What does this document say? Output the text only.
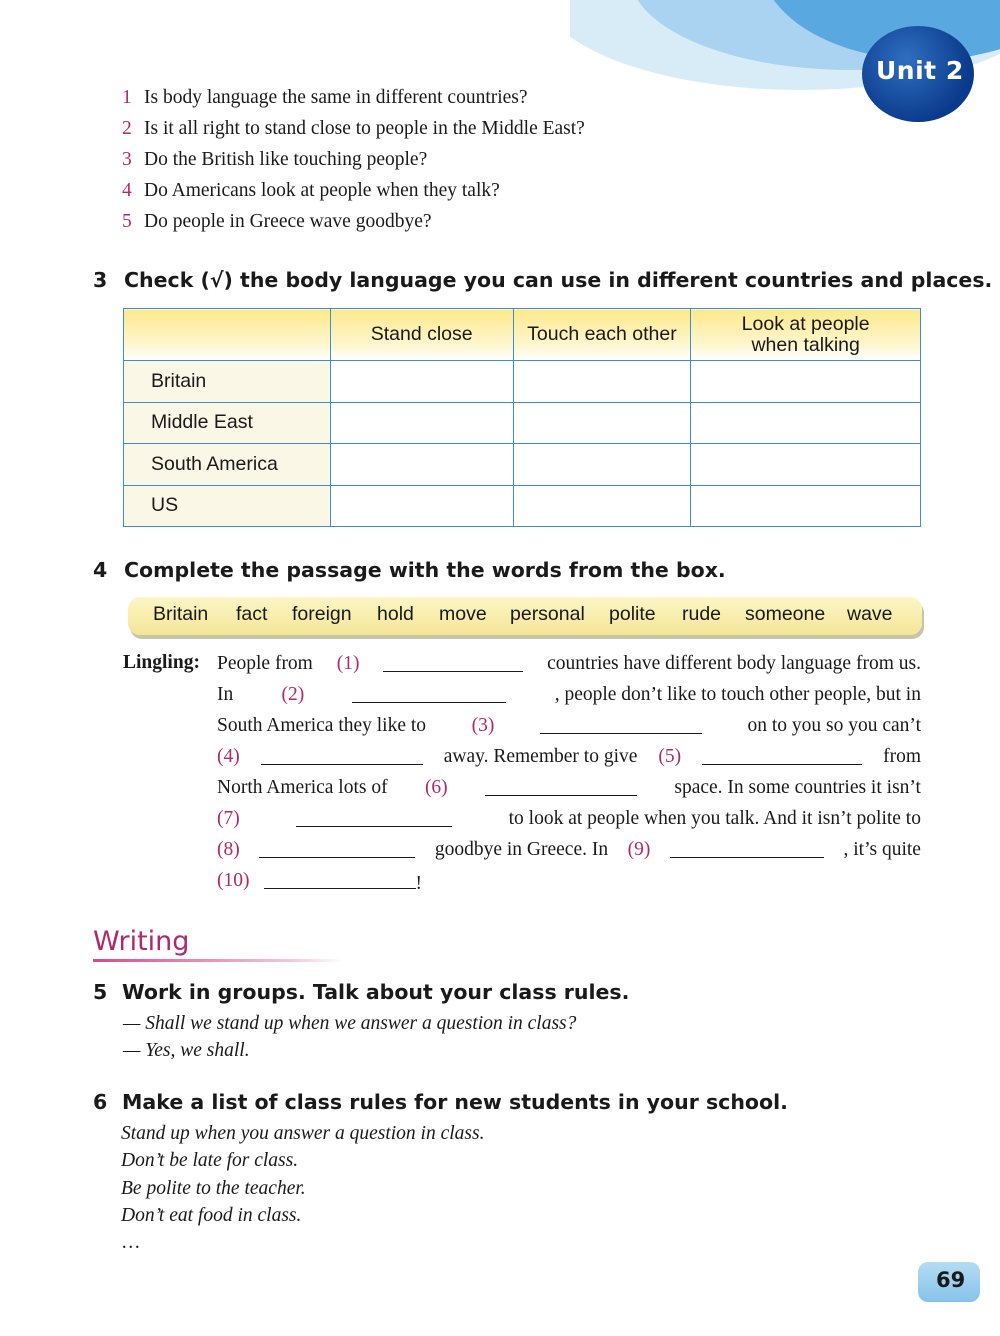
Unit 2
1 Is body language the same in different countries?
2 Is it all right to stand close to people in the Middle East?
3 Do the British like touching people?
4 Do Americans look at people when they talk?
5 Do people in Greece wave goodbye?
3 Check (√) the body language you can use in different countries and places.
	Stand close	Touch each other	Look at people
when talking
Britain			
Middle East			
South America			
US			
4 Complete the passage with the words from the box.
Britain fact foreign hold move personal polite rude someone wave
Lingling: People from (1)	countries have different body language from us.
In (2)	, people don’t like to touch other people, but in
South America they like to (3)	on to you so you can’t
(4)	away. Remember to give (5)	from
North America lots of (6)	space. In some countries it isn’t
(7)	to look at people when you talk. And it isn’t polite to
(8)	goodbye in Greece. In (9)	, it’s quite
(10)	!
Writing
5 Work in groups. Talk about your class rules.
— Shall we stand up when we answer a question in class?
— Yes, we shall.
6 Make a list of class rules for new students in your school.
Stand up when you answer a question in class.
Don’t be late for class.
Be polite to the teacher.
Don’t eat food in class.
…
69
